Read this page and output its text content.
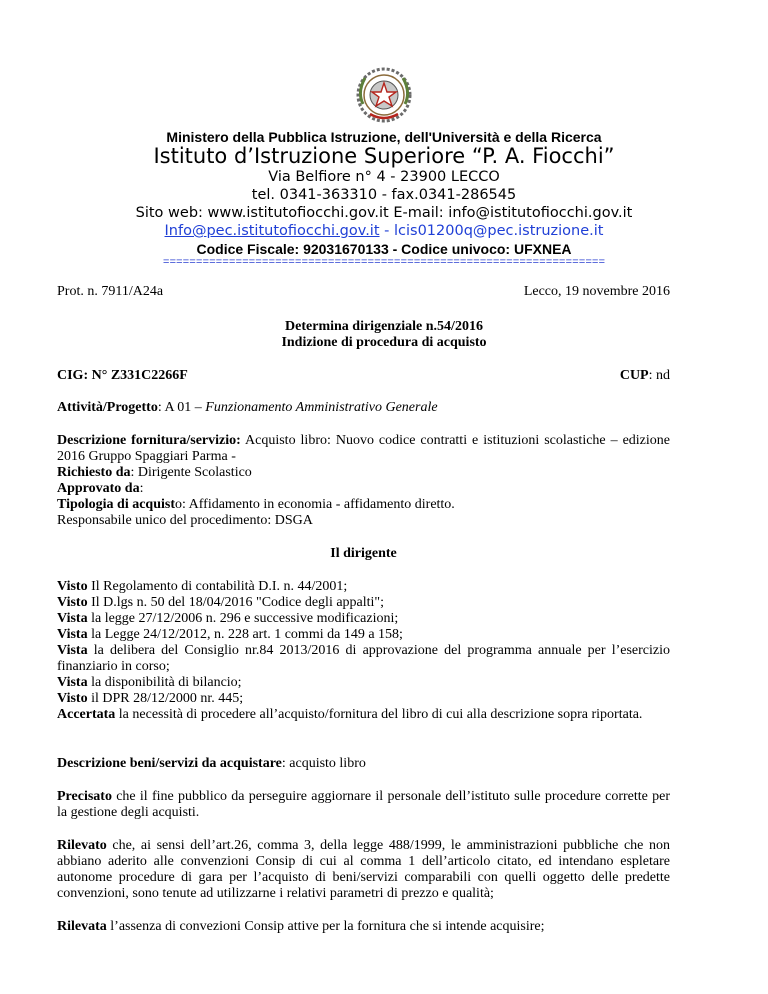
Ministero della Pubblica Istruzione, dell'Università e della Ricerca
Istituto d’Istruzione Superiore “P. A. Fiocchi”
Via Belfiore n° 4 - 23900 LECCO
tel. 0341-363310 - fax.0341-286545
Sito web: www.istitutofiocchi.gov.it E-mail: info@istitutofiocchi.gov.it
Info@pec.istitutofiocchi.gov.it - lcis01200q@pec.istruzione.it
Codice Fiscale: 92031670133 - Codice univoco: UFXNEA
===================================================================
Prot. n. 7911/A24a	Lecco, 19 novembre 2016
Determina dirigenziale n.54/2016
Indizione di procedura di acquisto
CIG: N° Z331C2266F	CUP: nd
Attività/Progetto: A 01 – Funzionamento Amministrativo Generale

Descrizione fornitura/servizio: Acquisto libro: Nuovo codice contratti e istituzioni scolastiche – edizione 2016 Gruppo Spaggiari Parma -

Richiesto da: Dirigente Scolastico

Approvato da:

Tipologia di acquisto: Affidamento in economia - affidamento diretto.

Responsabile unico del procedimento: DSGA

Il dirigente

Visto Il Regolamento di contabilità D.I. n. 44/2001;

Visto Il D.lgs n. 50 del 18/04/2016 "Codice degli appalti";

Vista la legge 27/12/2006 n. 296 e successive modificazioni;

Vista la Legge 24/12/2012, n. 228 art. 1 commi da 149 a 158;

Vista la delibera del Consiglio nr.84 2013/2016 di approvazione del programma annuale per l’esercizio finanziario in corso;

Vista la disponibilità di bilancio;

Visto il DPR 28/12/2000 nr. 445;

Accertata la necessità di procedere all’acquisto/fornitura del libro di cui alla descrizione sopra riportata.

Descrizione beni/servizi da acquistare: acquisto libro

Precisato che il fine pubblico da perseguire aggiornare il personale dell’istituto sulle procedure corrette per la gestione degli acquisti.

Rilevato che, ai sensi dell’art.26, comma 3, della legge 488/1999, le amministrazioni pubbliche che non abbiano aderito alle convenzioni Consip di cui al comma 1 dell’articolo citato, ed intendano espletare autonome procedure di gara per l’acquisto di beni/servizi comparabili con quelli oggetto delle predette convenzioni, sono tenute ad utilizzarne i relativi parametri di prezzo e qualità;

Rilevata l’assenza di convezioni Consip attive per la fornitura che si intende acquisire;
